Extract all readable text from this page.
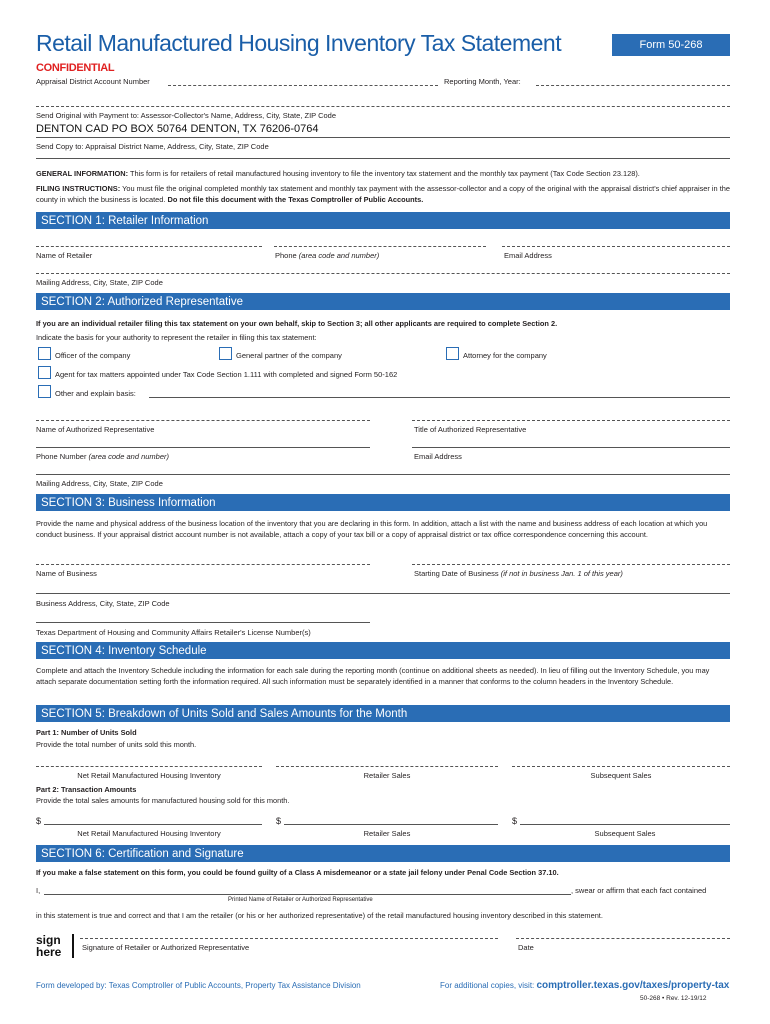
Retail Manufactured Housing Inventory Tax Statement	Form 50-268
CONFIDENTIAL
Appraisal District Account Number	Reporting Month, Year:
Send Original with Payment to: Assessor-Collector's Name, Address, City, State, ZIP Code
DENTON CAD PO BOX 50764 DENTON, TX 76206-0764
Send Copy to: Appraisal District Name, Address, City, State, ZIP Code
GENERAL INFORMATION: This form is for retailers of retail manufactured housing inventory to file the inventory tax statement and the monthly tax payment (Tax Code Section 23.128).
FILING INSTRUCTIONS: You must file the original completed monthly tax statement and monthly tax payment with the assessor-collector and a copy of the original with the appraisal district's chief appraiser in the county in which the business is located. Do not file this document with the Texas Comptroller of Public Accounts.
SECTION 1: Retailer Information
Name of Retailer	Phone (area code and number)	Email Address
Mailing Address, City, State, ZIP Code
SECTION 2: Authorized Representative
If you are an individual retailer filing this tax statement on your own behalf, skip to Section 3; all other applicants are required to complete Section 2.
Indicate the basis for your authority to represent the retailer in filing this tax statement:
Officer of the company	General partner of the company	Attorney for the company
Agent for tax matters appointed under Tax Code Section 1.111 with completed and signed Form 50-162
Other and explain basis:
Name of Authorized Representative	Title of Authorized Representative
Phone Number (area code and number)	Email Address
Mailing Address, City, State, ZIP Code
SECTION 3: Business Information
Provide the name and physical address of the business location of the inventory that you are declaring in this form. In addition, attach a list with the name and business address of each location at which you conduct business. If your appraisal district account number is not available, attach a copy of your tax bill or a copy of appraisal district or tax office correspondence concerning this account.
Name of Business	Starting Date of Business (if not in business Jan. 1 of this year)
Business Address, City, State, ZIP Code
Texas Department of Housing and Community Affairs Retailer's License Number(s)
SECTION 4: Inventory Schedule
Complete and attach the Inventory Schedule including the information for each sale during the reporting month (continue on additional sheets as needed). In lieu of filling out the Inventory Schedule, you may attach separate documentation setting forth the information required. All such information must be separately identified in a manner that conforms to the column headers in the Inventory Schedule.
SECTION 5: Breakdown of Units Sold and Sales Amounts for the Month
Part 1: Number of Units Sold
Provide the total number of units sold this month.
Net Retail Manufactured Housing Inventory	Retailer Sales	Subsequent Sales
Part 2: Transaction Amounts
Provide the total sales amounts for manufactured housing sold for this month.
$	$	$
Net Retail Manufactured Housing Inventory	Retailer Sales	Subsequent Sales
SECTION 6: Certification and Signature
If you make a false statement on this form, you could be found guilty of a Class A misdemeanor or a state jail felony under Penal Code Section 37.10.
I,	, swear or affirm that each fact contained
Printed Name of Retailer or Authorized Representative
in this statement is true and correct and that I am the retailer (or his or her authorized representative) of the retail manufactured housing inventory described in this statement.
sign
here	Signature of Retailer or Authorized Representative	Date
Form developed by: Texas Comptroller of Public Accounts, Property Tax Assistance Division	For additional copies, visit: comptroller.texas.gov/taxes/property-tax
50-268 • Rev. 12-19/12
